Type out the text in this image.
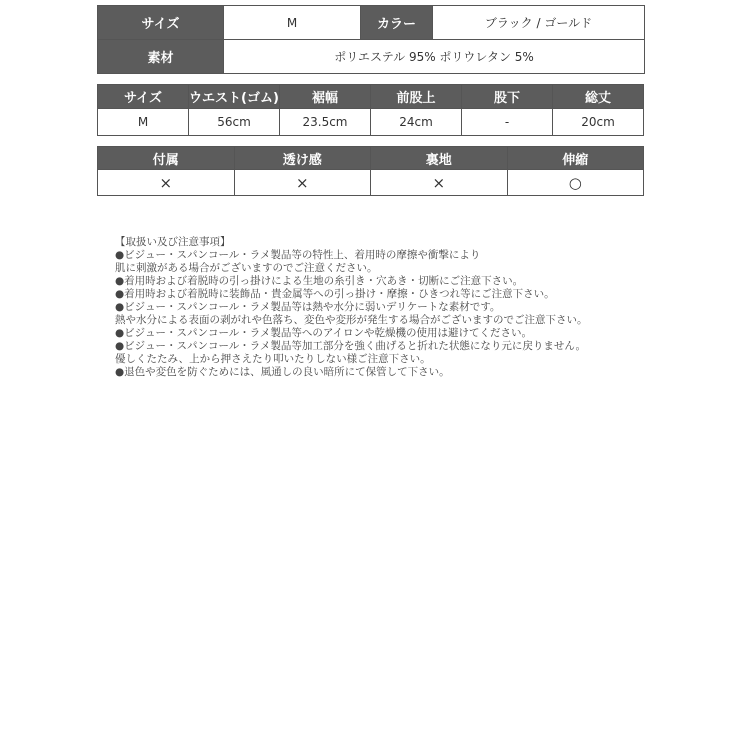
サイズ	M	カラー	ブラック / ゴールド
素材	ポリエステル 95% ポリウレタン 5%		
サイズ	ウエスト(ゴム)	裾幅	前股上	股下	総丈
M	56cm	23.5cm	24cm	-	20cm
付属	透け感	裏地	伸縮
×	×	×	○
【取扱い及び注意事項】
●ビジュー・スパンコール・ラメ製品等の特性上、着用時の摩擦や衝撃により
肌に刺激がある場合がございますのでご注意ください。
●着用時および着脱時の引っ掛けによる生地の糸引き・穴あき・切断にご注意下さい。
●着用時および着脱時に装飾品・貴金属等への引っ掛け・摩擦・ひきつれ等にご注意下さい。
●ビジュー・スパンコール・ラメ製品等は熱や水分に弱いデリケートな素材です。
熱や水分による表面の剥がれや色落ち、変色や変形が発生する場合がございますのでご注意下さい。
●ビジュー・スパンコール・ラメ製品等へのアイロンや乾燥機の使用は避けてください。
●ビジュー・スパンコール・ラメ製品等加工部分を強く曲げると折れた状態になり元に戻りません。
優しくたたみ、上から押さえたり叩いたりしない様ご注意下さい。
●退色や変色を防ぐためには、風通しの良い暗所にて保管して下さい。
